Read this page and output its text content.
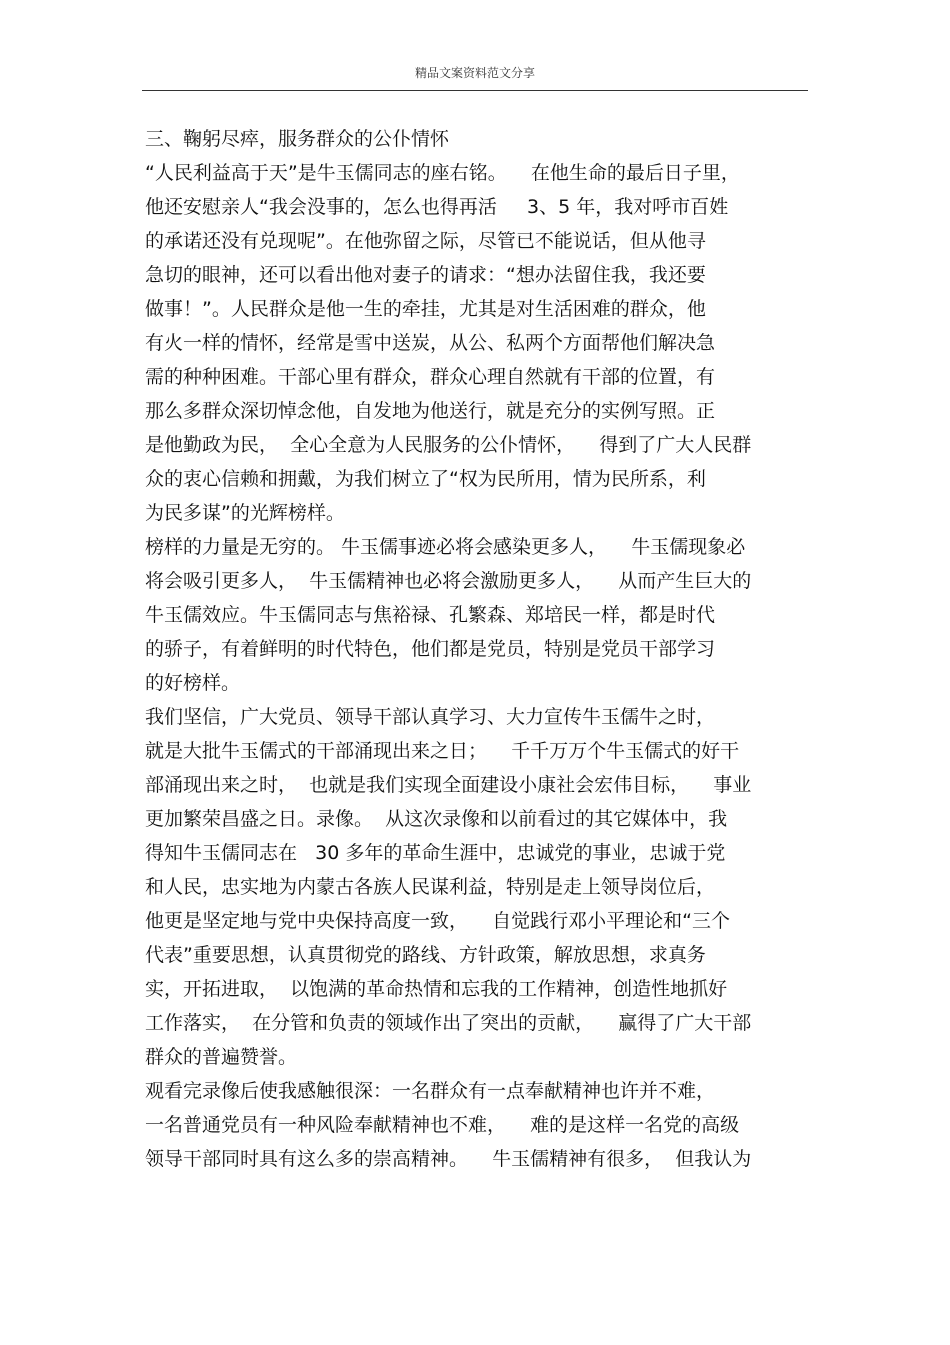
精品文案资料范文分享
三、鞠躬尽瘁，服务群众的公仆情怀
“人民利益高于天”是牛玉儒同志的座右铭。    在他生命的最后日子里，
他还安慰亲人“我会没事的，怎么也得再活     3、5 年，我对呼市百姓
的承诺还没有兑现呢”。在他弥留之际，尽管已不能说话，但从他寻
急切的眼神，还可以看出他对妻子的请求：“想办法留住我，我还要
做事！”。人民群众是他一生的牵挂，尤其是对生活困难的群众，他
有火一样的情怀，经常是雪中送炭，从公、私两个方面帮他们解决急
需的种种困难。干部心里有群众，群众心理自然就有干部的位置，有
那么多群众深切悼念他，自发地为他送行，就是充分的实例写照。正
是他勤政为民，  全心全意为人民服务的公仆情怀，    得到了广大人民群
众的衷心信赖和拥戴，为我们树立了“权为民所用，情为民所系，利
为民多谋”的光辉榜样。
榜样的力量是无穷的。 牛玉儒事迹必将会感染更多人，    牛玉儒现象必
将会吸引更多人，  牛玉儒精神也必将会激励更多人，    从而产生巨大的
牛玉儒效应。牛玉儒同志与焦裕禄、孔繁森、郑培民一样，都是时代
的骄子，有着鲜明的时代特色，他们都是党员，特别是党员干部学习
的好榜样。
我们坚信，广大党员、领导干部认真学习、大力宣传牛玉儒牛之时，
就是大批牛玉儒式的干部涌现出来之日；    千千万万个牛玉儒式的好干
部涌现出来之时，  也就是我们实现全面建设小康社会宏伟目标，    事业
更加繁荣昌盛之日。录像。  从这次录像和以前看过的其它媒体中，我
得知牛玉儒同志在   30 多年的革命生涯中，忠诚党的事业，忠诚于党
和人民，忠实地为内蒙古各族人民谋利益，特别是走上领导岗位后，
他更是坚定地与党中央保持高度一致，    自觉践行邓小平理论和“三个
代表”重要思想，认真贯彻党的路线、方针政策，解放思想，求真务
实，开拓进取，  以饱满的革命热情和忘我的工作精神，创造性地抓好
工作落实，  在分管和负责的领域作出了突出的贡献，    赢得了广大干部
群众的普遍赞誉。
观看完录像后使我感触很深：一名群众有一点奉献精神也许并不难，
一名普通党员有一种风险奉献精神也不难，    难的是这样一名党的高级
领导干部同时具有这么多的崇高精神。    牛玉儒精神有很多，  但我认为
